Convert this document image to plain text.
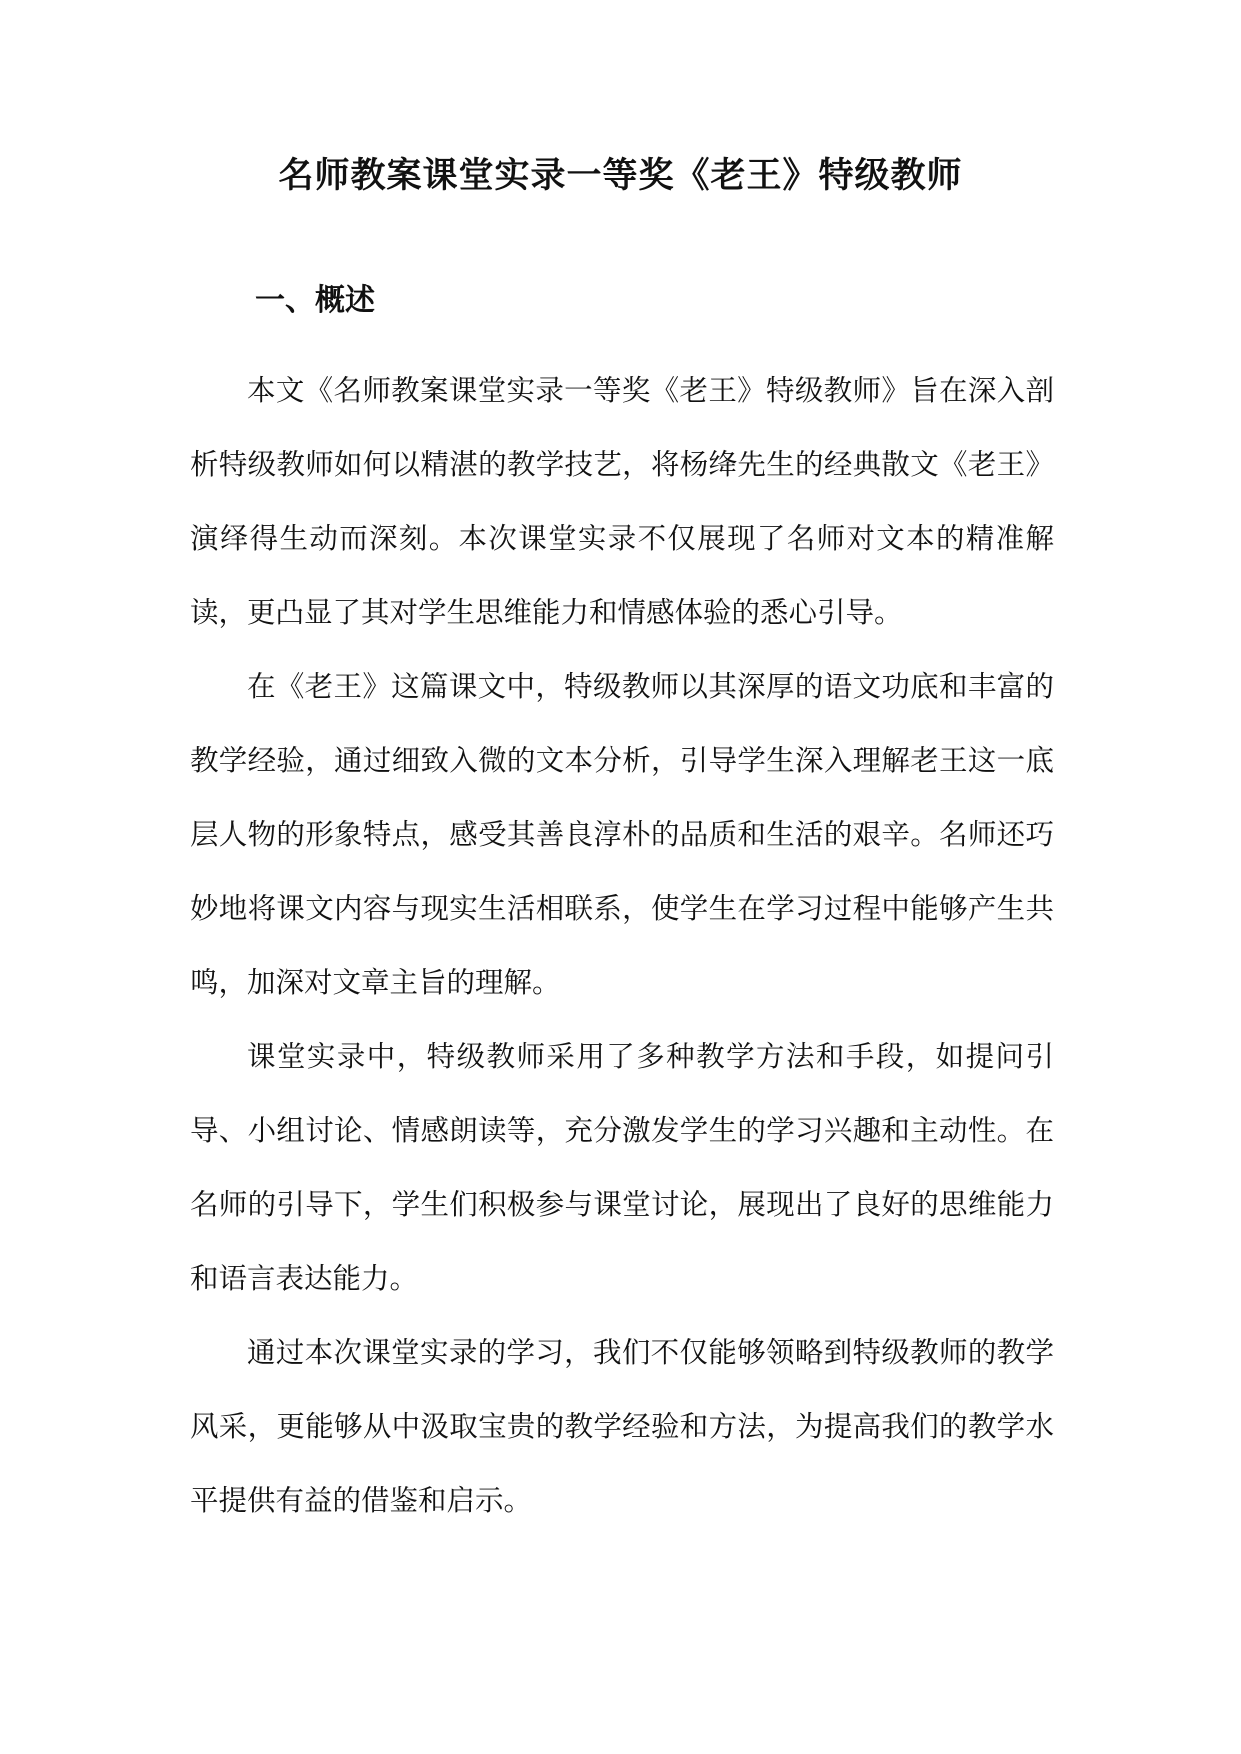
名师教案课堂实录一等奖《老王》特级教师
一、概述

本文《名师教案课堂实录一等奖《老王》特级教师》旨在深入剖析特级教师如何以精湛的教学技艺，将杨绛先生的经典散文《老王》演绎得生动而深刻。本次课堂实录不仅展现了名师对文本的精准解读，更凸显了其对学生思维能力和情感体验的悉心引导。

在《老王》这篇课文中，特级教师以其深厚的语文功底和丰富的教学经验，通过细致入微的文本分析，引导学生深入理解老王这一底层人物的形象特点，感受其善良淳朴的品质和生活的艰辛。名师还巧妙地将课文内容与现实生活相联系，使学生在学习过程中能够产生共鸣，加深对文章主旨的理解。

课堂实录中，特级教师采用了多种教学方法和手段，如提问引导、小组讨论、情感朗读等，充分激发学生的学习兴趣和主动性。在名师的引导下，学生们积极参与课堂讨论，展现出了良好的思维能力和语言表达能力。

通过本次课堂实录的学习，我们不仅能够领略到特级教师的教学风采，更能够从中汲取宝贵的教学经验和方法，为提高我们的教学水平提供有益的借鉴和启示。
